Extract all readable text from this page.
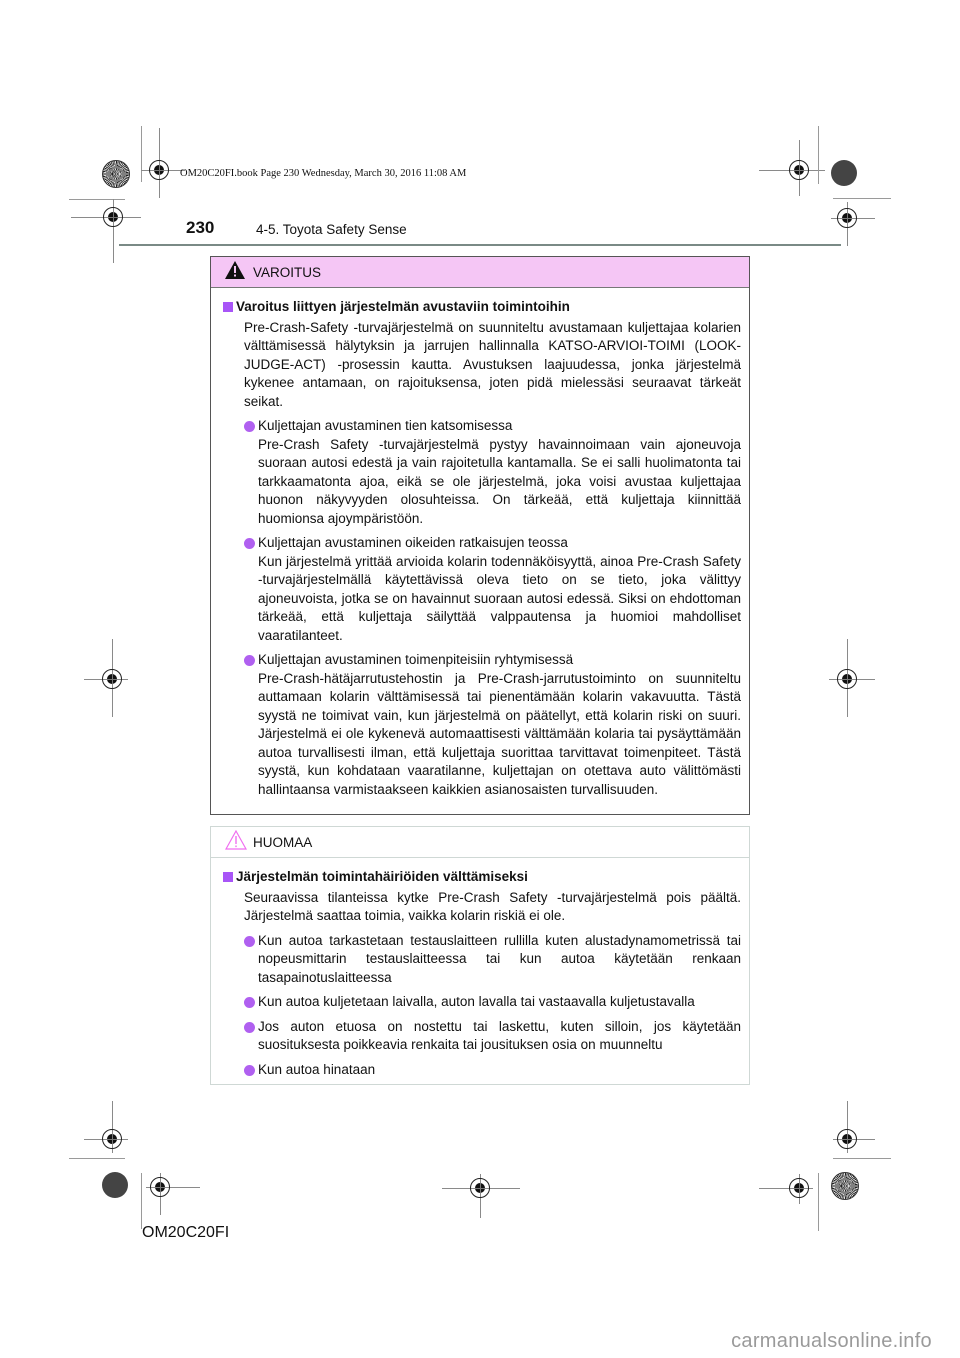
OM20C20FI.book Page 230 Wednesday, March 30, 2016 11:08 AM
230	4-5. Toyota Safety Sense
VAROITUS
Varoitus liittyen järjestelmän avustaviin toimintoihin
Pre-Crash-Safety -turvajärjestelmä on suunniteltu avustamaan kuljettajaa kolarien välttämisessä hälytyksin ja jarrujen hallinnalla KATSO-ARVIOI-TOIMI (LOOK-JUDGE-ACT) -prosessin kautta. Avustuksen laajuudessa, jonka järjestelmä kykenee antamaan, on rajoituksensa, joten pidä mielessäsi seuraavat tärkeät seikat.
Kuljettajan avustaminen tien katsomisessa
Pre-Crash Safety -turvajärjestelmä pystyy havainnoimaan vain ajoneuvoja suoraan autosi edestä ja vain rajoitetulla kantamalla. Se ei salli huolimatonta tai tarkkaamatonta ajoa, eikä se ole järjestelmä, joka voisi avustaa kuljettajaa huonon näkyvyyden olosuhteissa. On tärkeää, että kuljettaja kiinnittää huomionsa ajoympäristöön.
Kuljettajan avustaminen oikeiden ratkaisujen teossa
Kun järjestelmä yrittää arvioida kolarin todennäköisyyttä, ainoa Pre-Crash Safety -turvajärjestelmällä käytettävissä oleva tieto on se tieto, joka välittyy ajoneuvoista, jotka se on havainnut suoraan autosi edessä. Siksi on ehdottoman tärkeää, että kuljettaja säilyttää valppautensa ja huomioi mahdolliset vaaratilanteet.
Kuljettajan avustaminen toimenpiteisiin ryhtymisessä
Pre-Crash-hätäjarrutustehostin ja Pre-Crash-jarrutustoiminto on suunniteltu auttamaan kolarin välttämisessä tai pienentämään kolarin vakavuutta. Tästä syystä ne toimivat vain, kun järjestelmä on päätellyt, että kolarin riski on suuri. Järjestelmä ei ole kykenevä automaattisesti välttämään kolaria tai pysäyttämään autoa turvallisesti ilman, että kuljettaja suorittaa tarvittavat toimenpiteet. Tästä syystä, kun kohdataan vaaratilanne, kuljettajan on otettava auto välittömästi hallintaansa varmistaakseen kaikkien asianosaisten turvallisuuden.
HUOMAA
Järjestelmän toimintahäiriöiden välttämiseksi
Seuraavissa tilanteissa kytke Pre-Crash Safety -turvajärjestelmä pois päältä. Järjestelmä saattaa toimia, vaikka kolarin riskiä ei ole.
Kun autoa tarkastetaan testauslaitteen rullilla kuten alustadynamometrissä tai nopeusmittarin testauslaitteessa tai kun autoa käytetään renkaan tasapainotuslaitteessa
Kun autoa kuljetetaan laivalla, auton lavalla tai vastaavalla kuljetustavalla
Jos auton etuosa on nostettu tai laskettu, kuten silloin, jos käytetään suosituksesta poikkeavia renkaita tai jousituksen osia on muunneltu
Kun autoa hinataan
OM20C20FI
carmanualsonline.info
